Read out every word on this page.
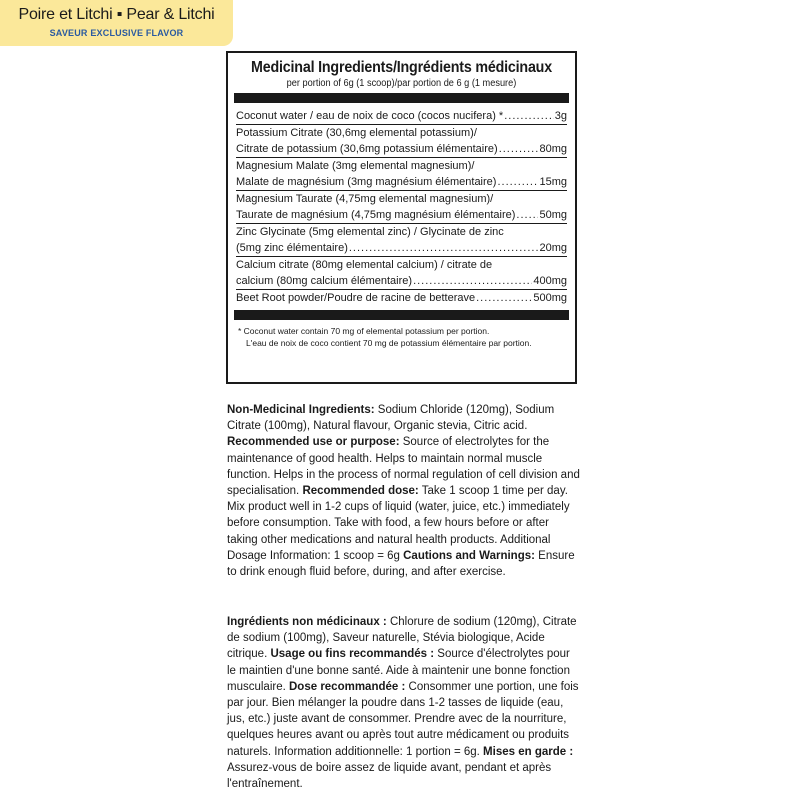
Poire et Litchi ▪ Pear & Litchi
SAVEUR EXCLUSIVE FLAVOR
Medicinal Ingredients/Ingrédients médicinaux
per portion of 6g (1 scoop)/par portion de 6 g (1 mesure)
Coconut water / eau de noix de coco (cocos nucifera) * .....	3g
Potassium Citrate (30,6mg elemental potassium)/
Citrate de potassium (30,6mg potassium élémentaire) .....	80mg
Magnesium Malate (3mg elemental magnesium)/
Malate de magnésium (3mg magnésium élémentaire) .....	15mg
Magnesium Taurate (4,75mg elemental magnesium)/
Taurate de magnésium (4,75mg magnésium élémentaire) ..... 50mg
Zinc Glycinate (5mg elemental zinc) / Glycinate de zinc
(5mg zinc élémentaire) .....	20mg
Calcium citrate (80mg elemental calcium) / citrate de
calcium (80mg calcium élémentaire) .....	400mg
Beet Root powder/Poudre de racine de betterave .....	500mg
* Coconut water contain 70 mg of elemental potassium per portion.
L'eau de noix de coco contient 70 mg de potassium élémentaire par portion.
Non-Medicinal Ingredients: Sodium Chloride (120mg), Sodium Citrate (100mg), Natural flavour, Organic stevia, Citric acid. Recommended use or purpose: Source of electrolytes for the maintenance of good health. Helps to maintain normal muscle function. Helps in the process of normal regulation of cell division and specialisation. Recommended dose: Take 1 scoop 1 time per day. Mix product well in 1-2 cups of liquid (water, juice, etc.) immediately before consumption. Take with food, a few hours before or after taking other medications and natural health products. Additional Dosage Information: 1 scoop = 6g Cautions and Warnings: Ensure to drink enough fluid before, during, and after exercise.
Ingrédients non médicinaux : Chlorure de sodium (120mg), Citrate de sodium (100mg), Saveur naturelle, Stévia biologique, Acide citrique. Usage ou fins recommandés : Source d'électrolytes pour le maintien d'une bonne santé. Aide à maintenir une bonne fonction musculaire. Dose recommandée : Consommer une portion, une fois par jour. Bien mélanger la poudre dans 1-2 tasses de liquide (eau, jus, etc.) juste avant de consommer. Prendre avec de la nourriture, quelques heures avant ou après tout autre médicament ou produits naturels. Information additionnelle: 1 portion = 6g. Mises en garde : Assurez-vous de boire assez de liquide avant, pendant et après l'entraînement.
